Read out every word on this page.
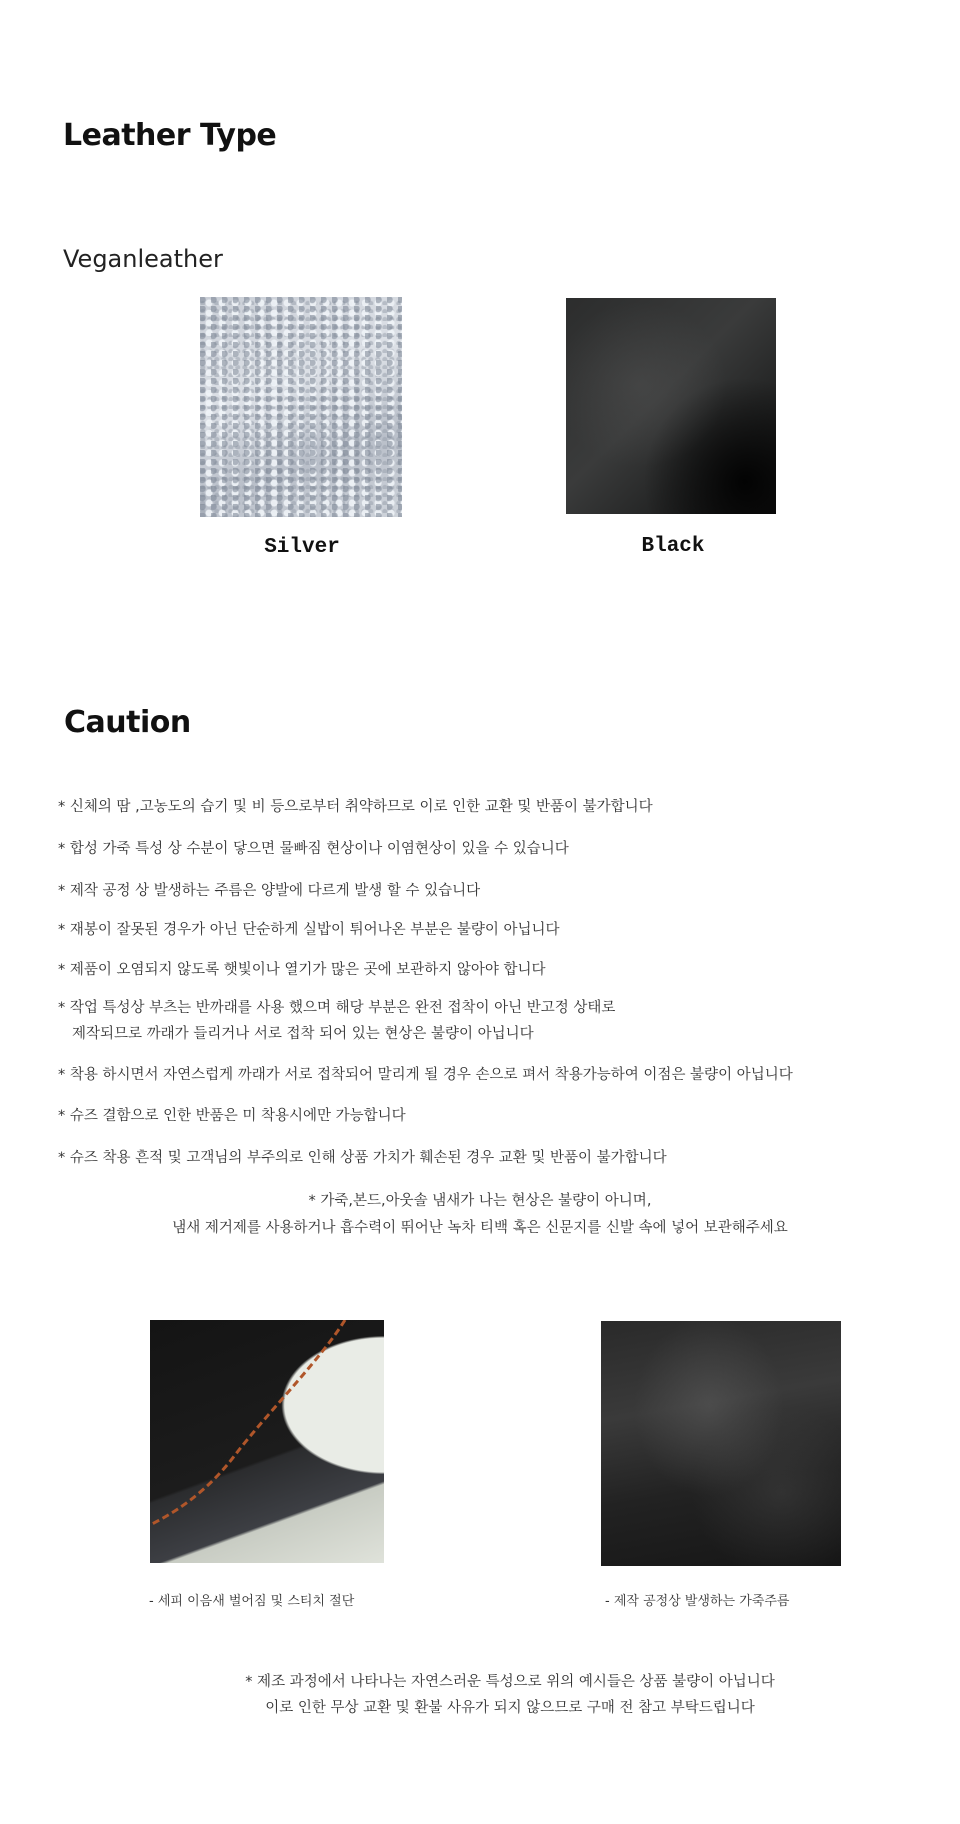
Leather Type
Veganleather
Silver	Black
Caution
* 신체의 땀 ,고농도의 습기 및 비 등으로부터 취약하므로 이로 인한 교환 및 반품이 불가합니다
* 합성 가죽 특성 상 수분이 닿으면 물빠짐 현상이나 이염현상이 있을 수 있습니다
* 제작 공정 상 발생하는 주름은 양발에 다르게 발생 할 수 있습니다
* 재봉이 잘못된 경우가 아닌 단순하게 실밥이 튀어나온 부분은 불량이 아닙니다
* 제품이 오염되지 않도록 햇빛이나 열기가 많은 곳에 보관하지 않아야 합니다
* 작업 특성상 부츠는 반까래를 사용 했으며 해당 부분은 완전 접착이 아닌 반고정 상태로
제작되므로 까래가 들리거나 서로 접착 되어 있는 현상은 불량이 아닙니다
* 착용 하시면서 자연스럽게 까래가 서로 접착되어 말리게 될 경우 손으로 펴서 착용가능하여 이점은 불량이 아닙니다
* 슈즈 결함으로 인한 반품은 미 착용시에만 가능합니다
* 슈즈 착용 흔적 및 고객님의 부주의로 인해 상품 가치가 훼손된 경우 교환 및 반품이 불가합니다
* 가죽,본드,아웃솔 냄새가 나는 현상은 불량이 아니며,
냄새 제거제를 사용하거나 흡수력이 뛰어난 녹차 티백 혹은 신문지를 신발 속에 넣어 보관해주세요
- 세피 이음새 벌어짐 및 스티치 절단	- 제작 공정상 발생하는 가죽주름
* 제조 과정에서 나타나는 자연스러운 특성으로 위의 예시들은 상품 불량이 아닙니다
이로 인한 무상 교환 및 환불 사유가 되지 않으므로 구매 전 참고 부탁드립니다
